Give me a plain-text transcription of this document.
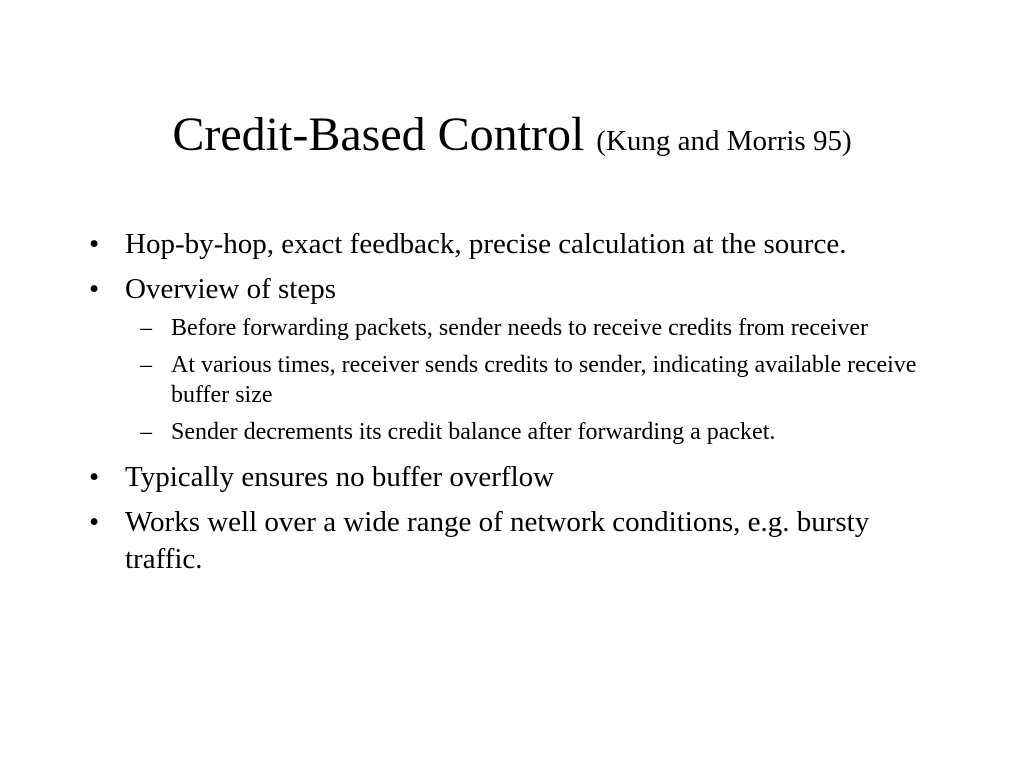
Credit-Based Control (Kung and Morris 95)
• Hop-by-hop, exact feedback, precise calculation at the source.
• Overview of steps
– Before forwarding packets, sender needs to receive credits from receiver
– At various times, receiver sends credits to sender, indicating available receive buffer size
– Sender decrements its credit balance after forwarding a packet.
• Typically ensures no buffer overflow
• Works well over a wide range of network conditions, e.g. bursty traffic.
